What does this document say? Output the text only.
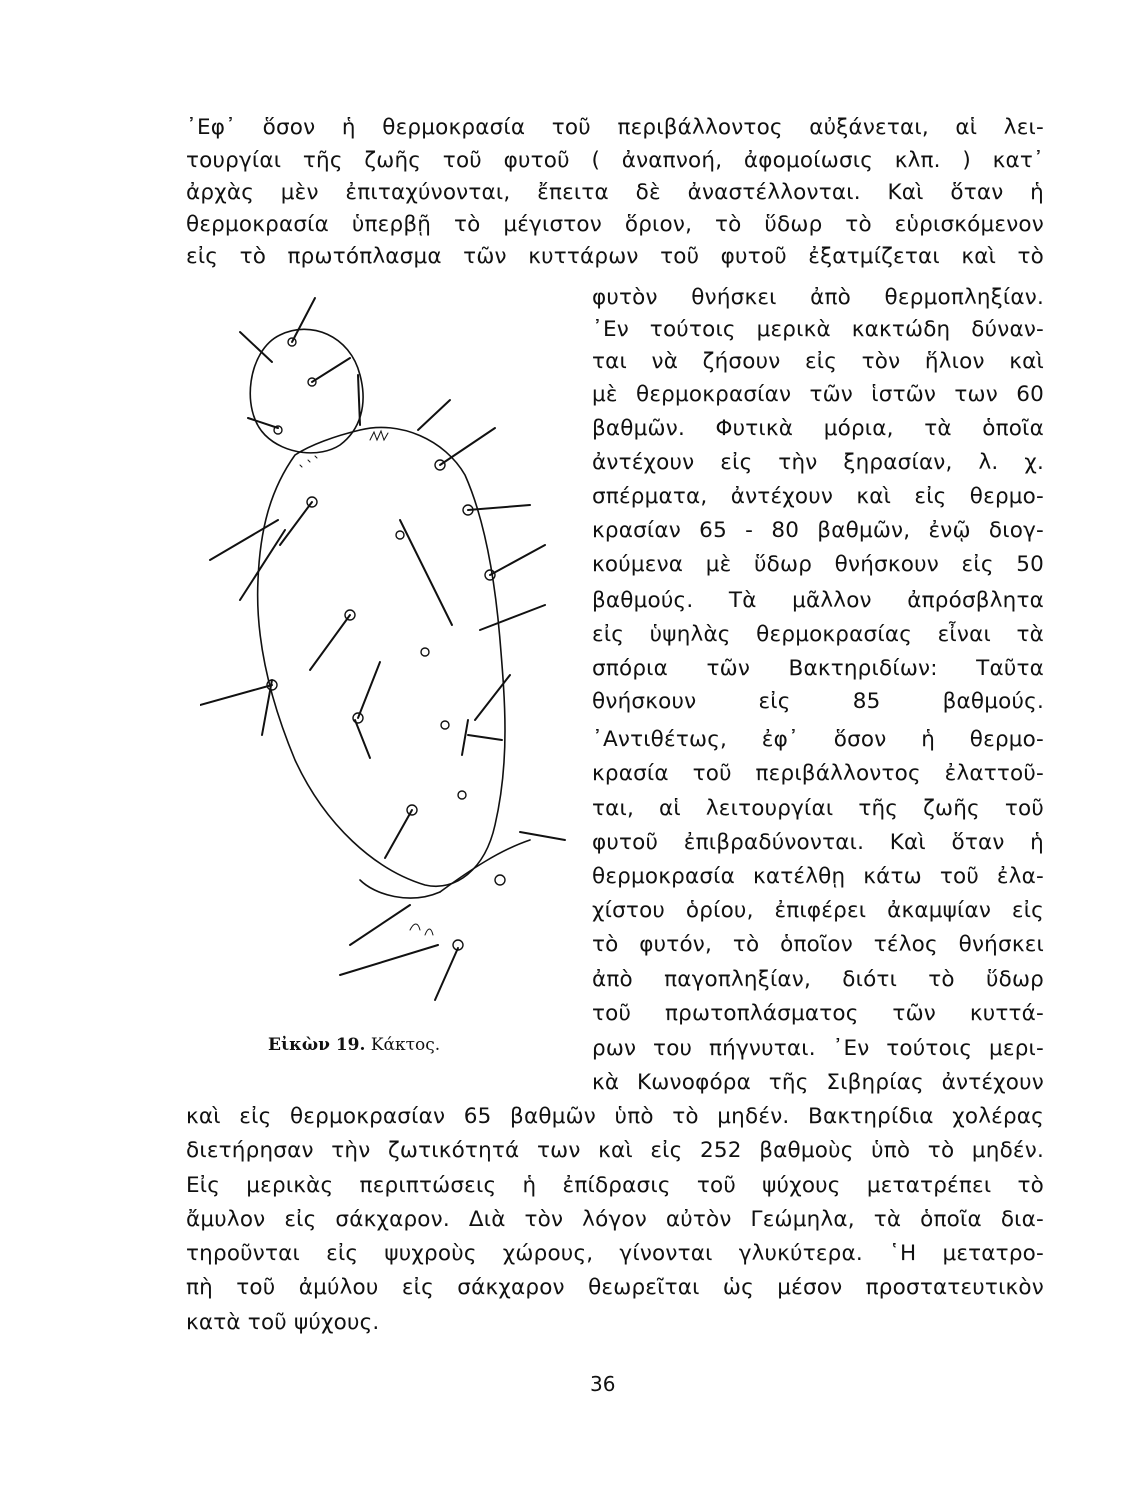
᾿Εφ᾿ ὅσον ἡ θερμοκρασία τοῦ περιβάλλοντος αὐξάνεται, αἱ λει-
τουργίαι τῆς ζωῆς τοῦ φυτοῦ ( ἀναπνοή, ἀφομοίωσις κλπ. ) κατ᾿
ἀρχὰς μὲν ἐπιταχύνονται, ἔπειτα δὲ ἀναστέλλονται. Καὶ ὅταν ἡ
θερμοκρασία ὑπερβῇ τὸ μέγιστον ὅριον, τὸ ὕδωρ τὸ εὑρισκόμενον
εἰς τὸ πρωτόπλασμα τῶν κυττάρων τοῦ φυτοῦ ἐξατμίζεται καὶ τὸ
φυτὸν θνήσκει ἀπὸ θερμοπληξίαν.
᾿Εν τούτοις μερικὰ κακτώδη δύναν-
ται νὰ ζήσουν εἰς τὸν ἥλιον καὶ
μὲ θερμοκρασίαν τῶν ἱστῶν των 60
βαθμῶν. Φυτικὰ μόρια, τὰ ὁποῖα
ἀντέχουν εἰς τὴν ξηρασίαν, λ. χ.
σπέρματα, ἀντέχουν καὶ εἰς θερμο-
κρασίαν 65 - 80 βαθμῶν, ἐνῷ διογ-
κούμενα μὲ ὕδωρ θνήσκουν εἰς 50
βαθμούς. Τὰ μᾶλλον ἀπρόσβλητα
εἰς ὑψηλὰς θερμοκρασίας εἶναι τὰ
σπόρια τῶν Βακτηριδίων: Ταῦτα
θνήσκουν εἰς 85 βαθμούς.
᾿Αντιθέτως, ἐφ᾿ ὅσον ἡ θερμο-
κρασία τοῦ περιβάλλοντος ἐλαττοῦ-
ται, αἱ λειτουργίαι τῆς ζωῆς τοῦ
φυτοῦ ἐπιβραδύνονται. Καὶ ὅταν ἡ
θερμοκρασία κατέλθῃ κάτω τοῦ ἐλα-
χίστου ὁρίου, ἐπιφέρει ἀκαμψίαν εἰς
τὸ φυτόν, τὸ ὁποῖον τέλος θνήσκει
ἀπὸ παγοπληξίαν, διότι τὸ ὕδωρ
τοῦ πρωτοπλάσματος τῶν κυττά-
ρων του πήγνυται. ᾿Εν τούτοις μερι-
κὰ Κωνοφόρα τῆς Σιβηρίας ἀντέχουν
καὶ εἰς θερμοκρασίαν 65 βαθμῶν ὑπὸ τὸ μηδέν. Βακτηρίδια χολέρας
διετήρησαν τὴν ζωτικότητά των καὶ εἰς 252 βαθμοὺς ὑπὸ τὸ μηδέν.
Εἰς μερικὰς περιπτώσεις ἡ ἐπίδρασις τοῦ ψύχους μετατρέπει τὸ
ἄμυλον εἰς σάκχαρον. Διὰ τὸν λόγον αὐτὸν Γεώμηλα, τὰ ὁποῖα δια-
τηροῦνται εἰς ψυχροὺς χώρους, γίνονται γλυκύτερα. ῾Η μετατρο-
πὴ τοῦ ἀμύλου εἰς σάκχαρον θεωρεῖται ὡς μέσον προστατευτικὸν
κατὰ τοῦ ψύχους.
Εἰκὼν 19. Κάκτος.
36
